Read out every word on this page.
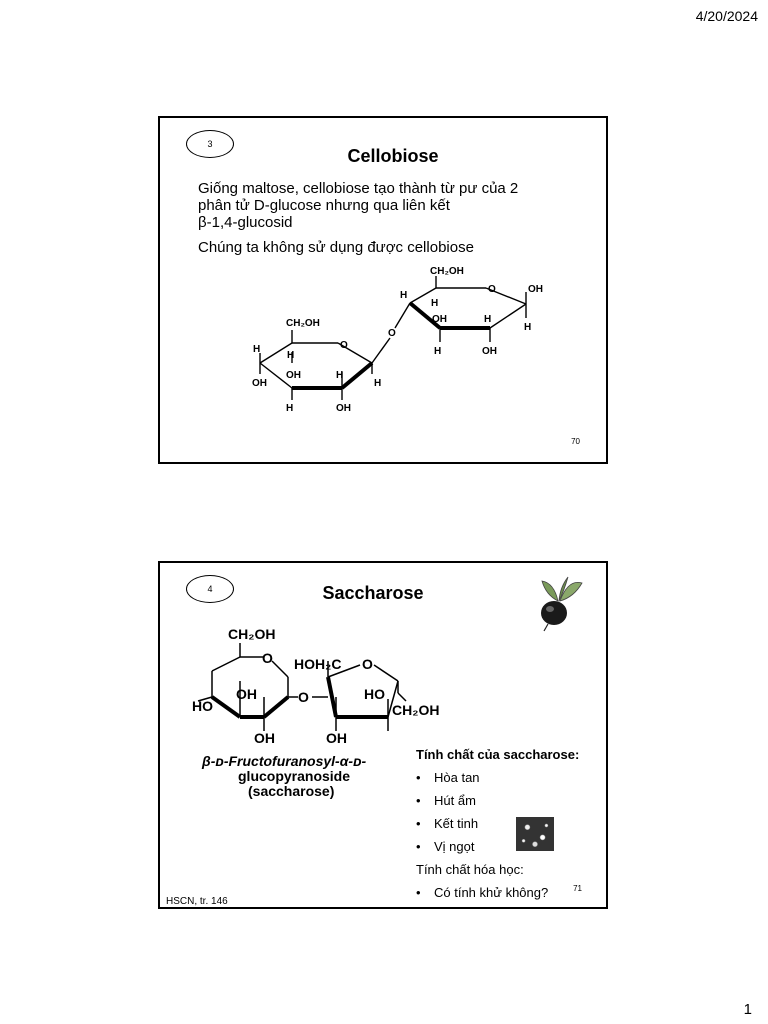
4/20/2024
3
Cellobiose
Giống maltose, cellobiose tạo thành từ pư của 2
phân tử D-glucose nhưng qua liên kết
β-1,4-glucosid
Chúng ta không sử dụng được cellobiose
CH₂OH
O
H
H
OH	H
OH	H
H	OH
O
CH₂OH
H
H
O	OH
OH	H
H
H	OH
70
4	Saccharose
CH₂OH
O
OH
HO
OH
O
HOH₂C O
HO
CH₂OH
OH
β-ᴅ-Fructofuranosyl-α-ᴅ-
glucopyranoside
(saccharose)
Tính chất của saccharose:
• Hòa tan
• Hút ẩm
• Kết tinh
• Vị ngọt
Tính chất hóa học:
• Có tính khử không?	71
HSCN, tr. 146
1
